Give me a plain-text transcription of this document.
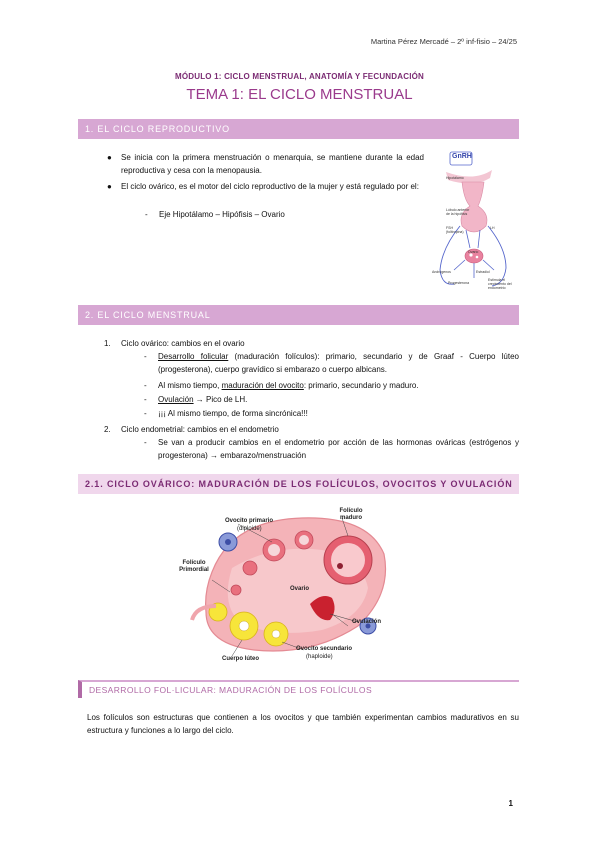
Martina Pérez Mercadé – 2º inf-fisio – 24/25
MÓDULO 1: CICLO MENSTRUAL, ANATOMÍA Y FECUNDACIÓN
TEMA 1: EL CICLO MENSTRUAL
1. EL CICLO REPRODUCTIVO
● Se inicia con la primera menstruación o menarquia, se mantiene durante la edad reproductiva y cesa con la menopausia.
● El ciclo ovárico, es el motor del ciclo reproductivo de la mujer y está regulado por el:
- Eje Hipotálamo – Hipófisis – Ovario
GnRH
Hipotálamo
Lóbulo anterior de la hipófisis
FSH (folitropina)
LH
Ovario
Andrógenos	Estradiol
Progesterona
Estimula el crecimiento del endometrio
2. EL CICLO MENSTRUAL
1. Ciclo ovárico: cambios en el ovario
- Desarrollo folicular (maduración folículos): primario, secundario y de Graaf - Cuerpo lúteo (progesterona), cuerpo gravídico si embarazo o cuerpo albicans.
- Al mismo tiempo, maduración del ovocito: primario, secundario y maduro.
- Ovulación → Pico de LH.
- ¡¡¡ Al mismo tiempo, de forma sincrónica!!!
2. Ciclo endometrial: cambios en el endometrio
- Se van a producir cambios en el endometrio por acción de las hormonas ováricas (estrógenos y progesterona) → embarazo/menstruación
2.1. CICLO OVÁRICO: MADURACIÓN DE LOS FOLÍCULOS, OVOCITOS Y OVULACIÓN
Ovocito primario
(diploide)
Folículo maduro
Folículo Primordial
Ovario
Ovulación
Cuerpo lúteo
Ovocito secundario
(haploide)
DESARROLLO FOL·LICULAR: MADURACIÓN DE LOS FOLÍCULOS
Los folículos son estructuras que contienen a los ovocitos y que también experimentan cambios madurativos en su estructura y funciones a lo largo del ciclo.
1
